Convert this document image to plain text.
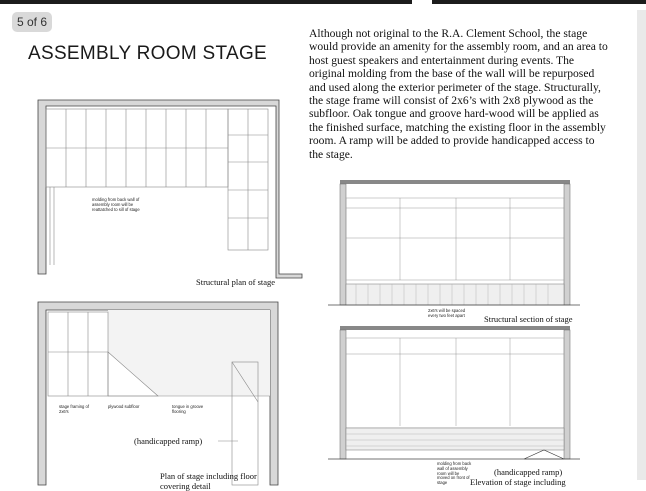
5 of 6
ASSEMBLY ROOM STAGE
Although not original to the R.A. Clement School, the stage would provide an amenity for the assembly room, and an area to host guest speakers and entertainment during events. The original molding from the base of the wall will be repurposed and used along the exterior perimeter of the stage. Structurally, the stage frame will consist of 2x6’s with 2x8 plywood as the subfloor. Oak tongue and groove hard-wood will be applied as the finished surface, matching the existing floor in the assembly room. A ramp will be added to provide handicapped access to the stage.
molding from back wall of assembly room will be reattatched to sill of stage
Structural plan of stage
stage framing of 2x6's
plywood subfloor	tongue in groove flooring
(handicapped ramp)
Plan of stage including floor
covering detail
2x6's will be spaced every two feet apart	Structural section of stage
molding from back wall of assembly room will be moved on front of stage
(handicapped ramp)
Elevation of stage including
